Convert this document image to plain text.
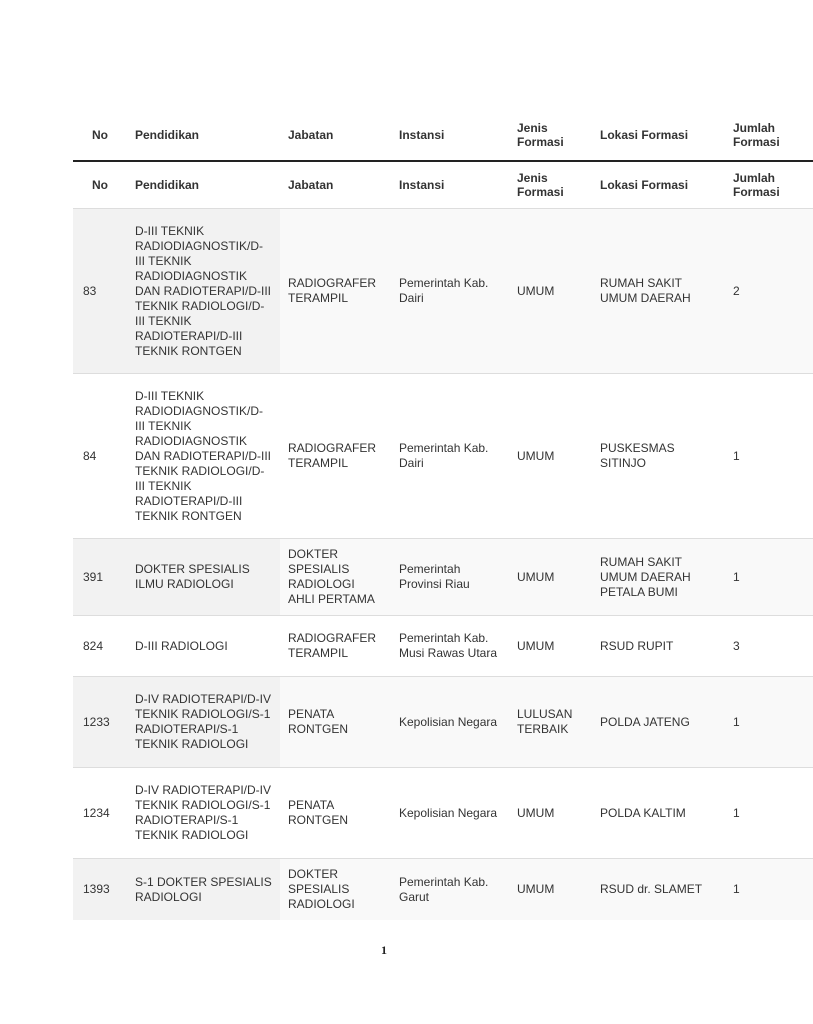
No	Pendidikan	Jabatan	Instansi	Jenis Formasi	Lokasi Formasi	Jumlah Formasi
No	Pendidikan	Jabatan	Instansi	Jenis Formasi	Lokasi Formasi	Jumlah Formasi
83	D-III TEKNIK RADIODIAGNOSTIK/D-III TEKNIK RADIODIAGNOSTIK DAN RADIOTERAPI/D-III TEKNIK RADIOLOGI/D-III TEKNIK RADIOTERAPI/D-III TEKNIK RONTGEN	RADIOGRAFER TERAMPIL	Pemerintah Kab. Dairi	UMUM	RUMAH SAKIT UMUM DAERAH	2
84	D-III TEKNIK RADIODIAGNOSTIK/D-III TEKNIK RADIODIAGNOSTIK DAN RADIOTERAPI/D-III TEKNIK RADIOLOGI/D-III TEKNIK RADIOTERAPI/D-III TEKNIK RONTGEN	RADIOGRAFER TERAMPIL	Pemerintah Kab. Dairi	UMUM	PUSKESMAS SITINJO	1
391	DOKTER SPESIALIS ILMU RADIOLOGI	DOKTER SPESIALIS RADIOLOGI AHLI PERTAMA	Pemerintah Provinsi Riau	UMUM	RUMAH SAKIT UMUM DAERAH PETALA BUMI	1
824	D-III RADIOLOGI	RADIOGRAFER TERAMPIL	Pemerintah Kab. Musi Rawas Utara	UMUM	RSUD RUPIT	3
1233	D-IV RADIOTERAPI/D-IV TEKNIK RADIOLOGI/S-1 RADIOTERAPI/S-1 TEKNIK RADIOLOGI	PENATA RONTGEN	Kepolisian Negara	LULUSAN TERBAIK	POLDA JATENG	1
1234	D-IV RADIOTERAPI/D-IV TEKNIK RADIOLOGI/S-1 RADIOTERAPI/S-1 TEKNIK RADIOLOGI	PENATA RONTGEN	Kepolisian Negara	UMUM	POLDA KALTIM	1
1393	S-1 DOKTER SPESIALIS RADIOLOGI	DOKTER SPESIALIS RADIOLOGI	Pemerintah Kab. Garut	UMUM	RSUD dr. SLAMET	1
1
